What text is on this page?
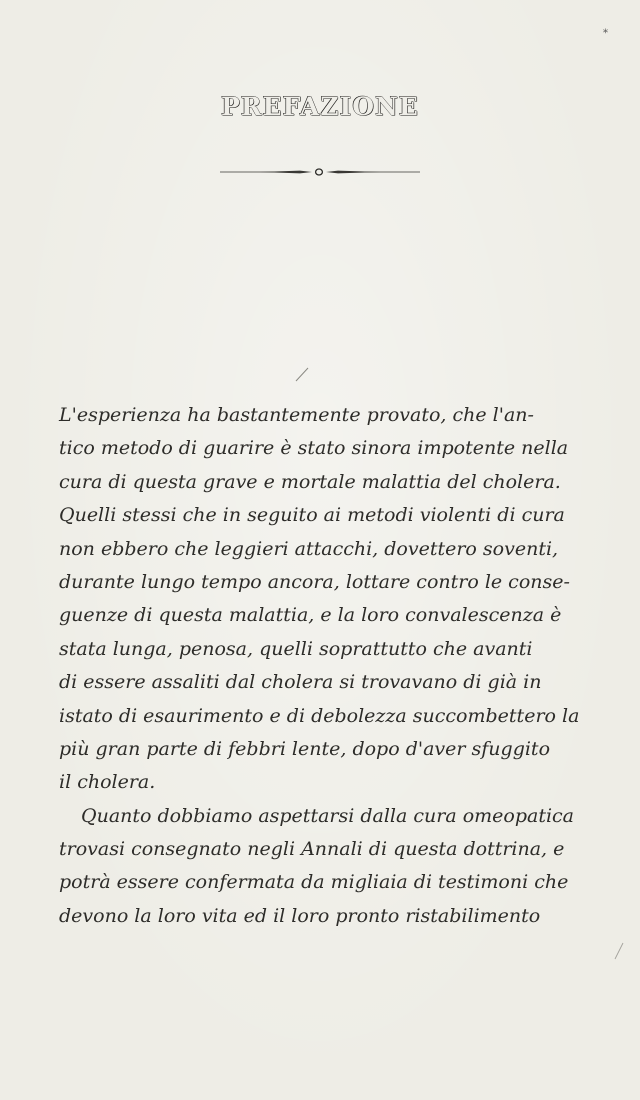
*
PREFAZIONE
L'esperienza ha bastantemente provato, che l'an-
tico metodo di guarire è stato sinora impotente nella
cura di questa grave e mortale malattia del cholera.
Quelli stessi che in seguito ai metodi violenti di cura
non ebbero che leggieri attacchi, dovettero soventi,
durante lungo tempo ancora, lottare contro le conse-
guenze di questa malattia, e la loro convalescenza è
stata lunga, penosa, quelli soprattutto che avanti
di essere assaliti dal cholera si trovavano di già in
istato di esaurimento e di debolezza succombettero la
più gran parte di febbri lente, dopo d'aver sfuggito
il cholera.
Quanto dobbiamo aspettarsi dalla cura omeopatica
trovasi consegnato negli Annali di questa dottrina, e
potrà essere confermata da migliaia di testimoni che
devono la loro vita ed il loro pronto ristabilimento
